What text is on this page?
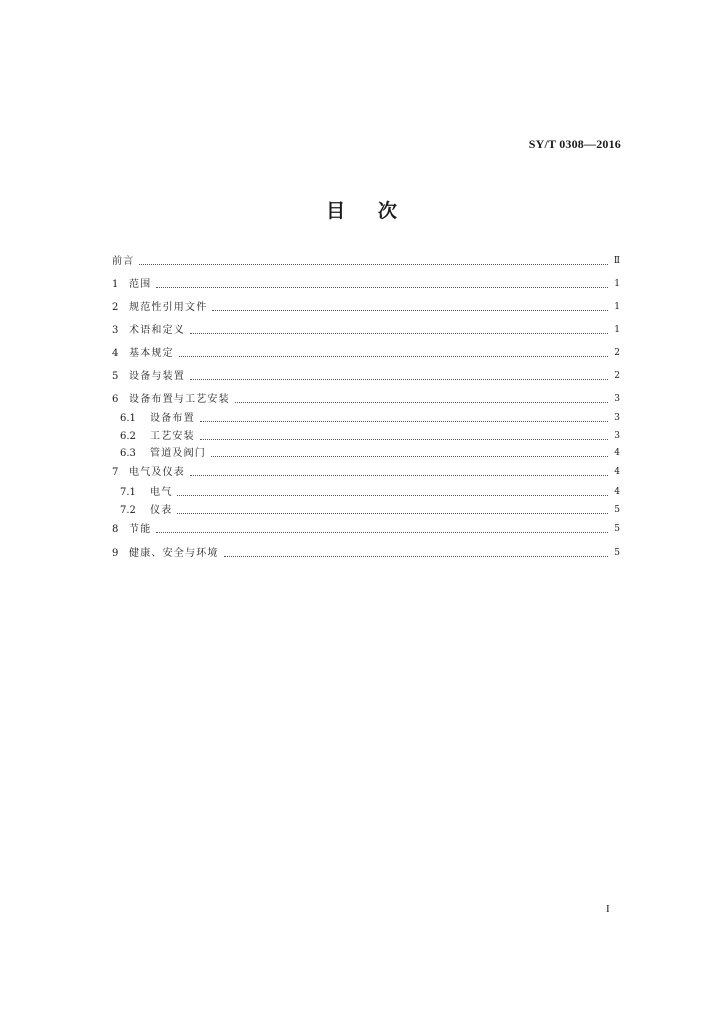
SY/T 0308—2016
目 次
前言	Ⅱ
1	范围	1
2	规范性引用文件	1
3	术语和定义	1
4	基本规定	2
5	设备与装置	2
6	设备布置与工艺安装	3
6.1	设备布置	3
6.2	工艺安装	3
6.3	管道及阀门	4
7	电气及仪表	4
7.1	电气	4
7.2	仪表	5
8	节能	5
9	健康、安全与环境	5
I
